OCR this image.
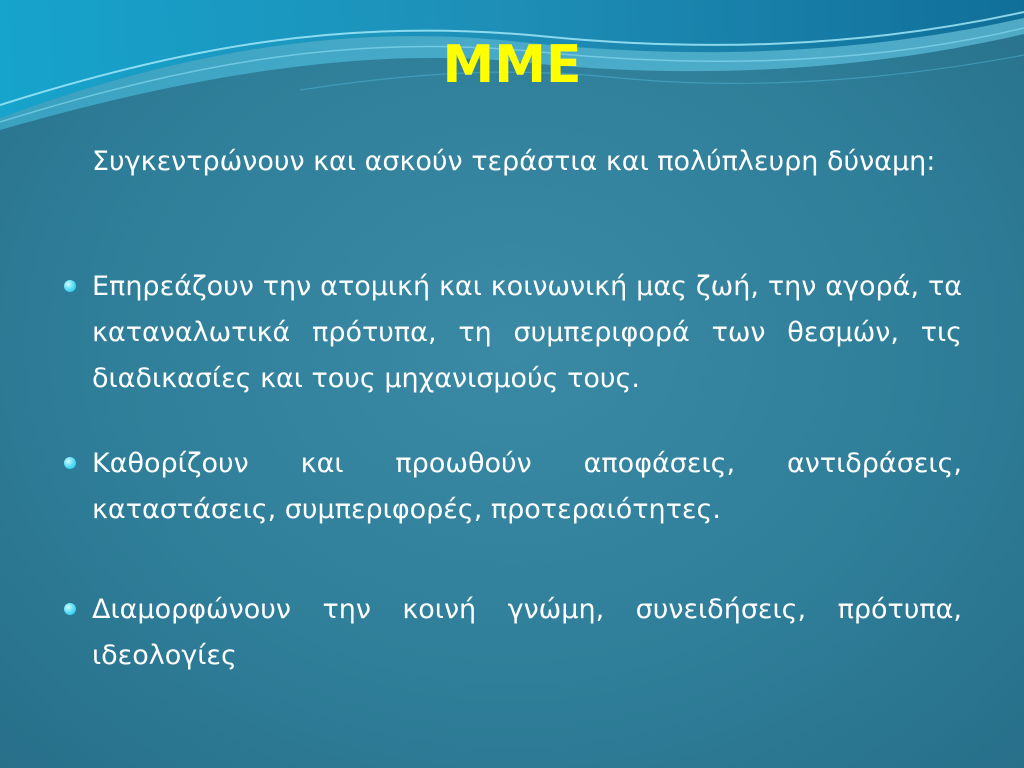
ΜΜΕ

Συγκεντρώνουν και ασκούν τεράστια και πολύπλευρη δύναμη:

Επηρεάζουν την ατομική και κοινωνική μας ζωή, την αγορά, τα καταναλωτικά πρότυπα, τη συμπεριφορά των θεσμών, τις διαδικασίες και τους μηχανισμούς τους.
Καθορίζουν και προωθούν αποφάσεις, αντιδράσεις, καταστάσεις, συμπεριφορές, προτεραιότητες.
Διαμορφώνουν την κοινή γνώμη, συνειδήσεις, πρότυπα, ιδεολογίες
